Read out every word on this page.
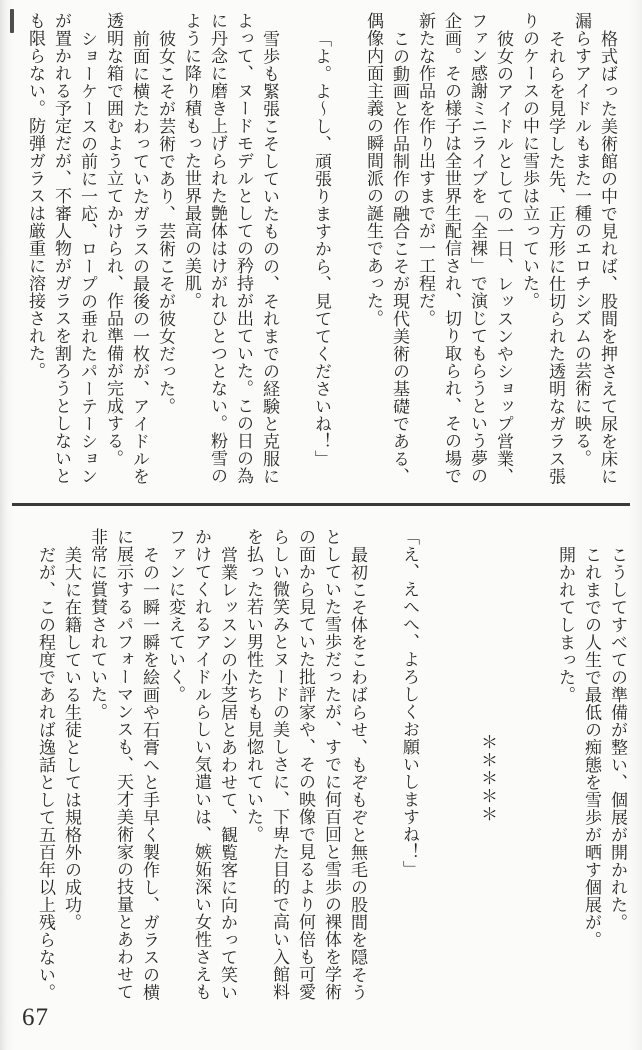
格式ばった美術館の中で見れば、股間を押さえて尿を床に

漏らすアイドルもまた一種のエロチシズムの芸術に映る。

それらを見学した先、正方形に仕切られた透明なガラス張

りのケースの中に雪歩は立っていた。

彼女のアイドルとしての一日、レッスンやショップ営業、

ファン感謝ミニライブを「全裸」で演じてもらうという夢の

企画。その様子は全世界生配信され、切り取られ、その場で

新たな作品を作り出すまでが一工程だ。

この動画と作品制作の融合こそが現代美術の基礎である、

偶像内面主義の瞬間派の誕生であった。

「よ。よ〜し、頑張りますから、見ててくださいね！」

雪歩も緊張こそしていたものの、それまでの経験と克服に

よって、ヌードモデルとしての矜持が出ていた。この日の為

に丹念に磨き上げられた艶体はけがれひとつとない。粉雪の

ように降り積もった世界最高の美肌。

彼女こそが芸術であり、芸術こそが彼女だった。

前面に横たわっていたガラスの最後の一枚が、アイドルを

透明な箱で囲むよう立てかけられ、作品準備が完成する。

ショーケースの前に一応、ロープの垂れたパーテーション

が置かれる予定だが、不審人物がガラスを割ろうとしないと

も限らない。防弾ガラスは厳重に溶接された。

こうしてすべての準備が整い、個展が開かれた。

これまでの人生で最低の痴態を雪歩が晒す個展が。

開かれてしまった。

＊＊＊＊＊

「え、えへへ、よろしくお願いしますね！」

最初こそ体をこわばらせ、もぞもぞと無毛の股間を隠そう

としていた雪歩だったが、すでに何百回と雪歩の裸体を学術

の面から見ていた批評家や、その映像で見るより何倍も可愛

らしい微笑みとヌードの美しさに、下卑た目的で高い入館料

を払った若い男性たちも見惚れていた。

営業レッスンの小芝居とあわせて、観覧客に向かって笑い

かけてくれるアイドルらしい気遣いは、嫉妬深い女性さえも

ファンに変えていく。

その一瞬一瞬を絵画や石膏へと手早く製作し、ガラスの横

に展示するパフォーマンスも、天才美術家の技量とあわせて

非常に賞賛されていた。

美大に在籍している生徒としては規格外の成功。

だが、この程度であれば逸話として五百年以上残らない。

67
